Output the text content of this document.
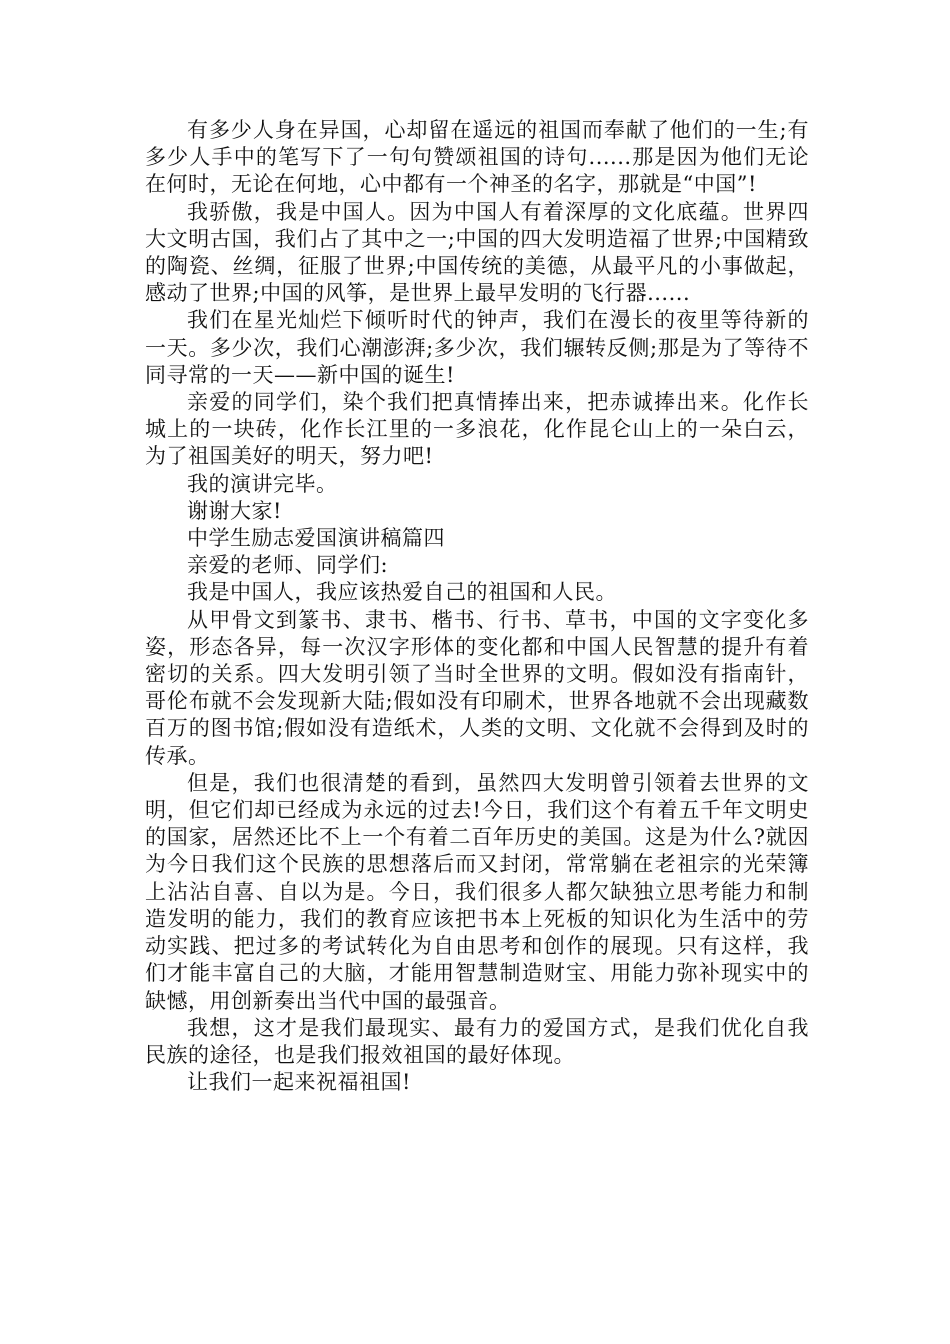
有多少人身在异国，心却留在遥远的祖国而奉献了他们的一生;有多少人手中的笔写下了一句句赞颂祖国的诗句......那是因为他们无论在何时，无论在何地，心中都有一个神圣的名字，那就是“中国”!

我骄傲，我是中国人。因为中国人有着深厚的文化底蕴。世界四大文明古国，我们占了其中之一;中国的四大发明造福了世界;中国精致的陶瓷、丝绸，征服了世界;中国传统的美德，从最平凡的小事做起，感动了世界;中国的风筝，是世界上最早发明的飞行器......

我们在星光灿烂下倾听时代的钟声，我们在漫长的夜里等待新的一天。多少次，我们心潮澎湃;多少次，我们辗转反侧;那是为了等待不同寻常的一天——新中国的诞生!

亲爱的同学们，染个我们把真情捧出来，把赤诚捧出来。化作长城上的一块砖，化作长江里的一多浪花，化作昆仑山上的一朵白云，为了祖国美好的明天，努力吧!

我的演讲完毕。

谢谢大家!

中学生励志爱国演讲稿篇四

亲爱的老师、同学们:

我是中国人，我应该热爱自己的祖国和人民。

从甲骨文到篆书、隶书、楷书、行书、草书，中国的文字变化多姿，形态各异，每一次汉字形体的变化都和中国人民智慧的提升有着密切的关系。四大发明引领了当时全世界的文明。假如没有指南针，哥伦布就不会发现新大陆;假如没有印刷术，世界各地就不会出现藏数百万的图书馆;假如没有造纸术，人类的文明、文化就不会得到及时的传承。

但是，我们也很清楚的看到，虽然四大发明曾引领着去世界的文明，但它们却已经成为永远的过去!今日，我们这个有着五千年文明史的国家，居然还比不上一个有着二百年历史的美国。这是为什么?就因为今日我们这个民族的思想落后而又封闭，常常躺在老祖宗的光荣簿上沾沾自喜、自以为是。今日，我们很多人都欠缺独立思考能力和制造发明的能力，我们的教育应该把书本上死板的知识化为生活中的劳动实践、把过多的考试转化为自由思考和创作的展现。只有这样，我们才能丰富自己的大脑，才能用智慧制造财宝、用能力弥补现实中的缺憾，用创新奏出当代中国的最强音。

我想，这才是我们最现实、最有力的爱国方式，是我们优化自我民族的途径，也是我们报效祖国的最好体现。

让我们一起来祝福祖国!
